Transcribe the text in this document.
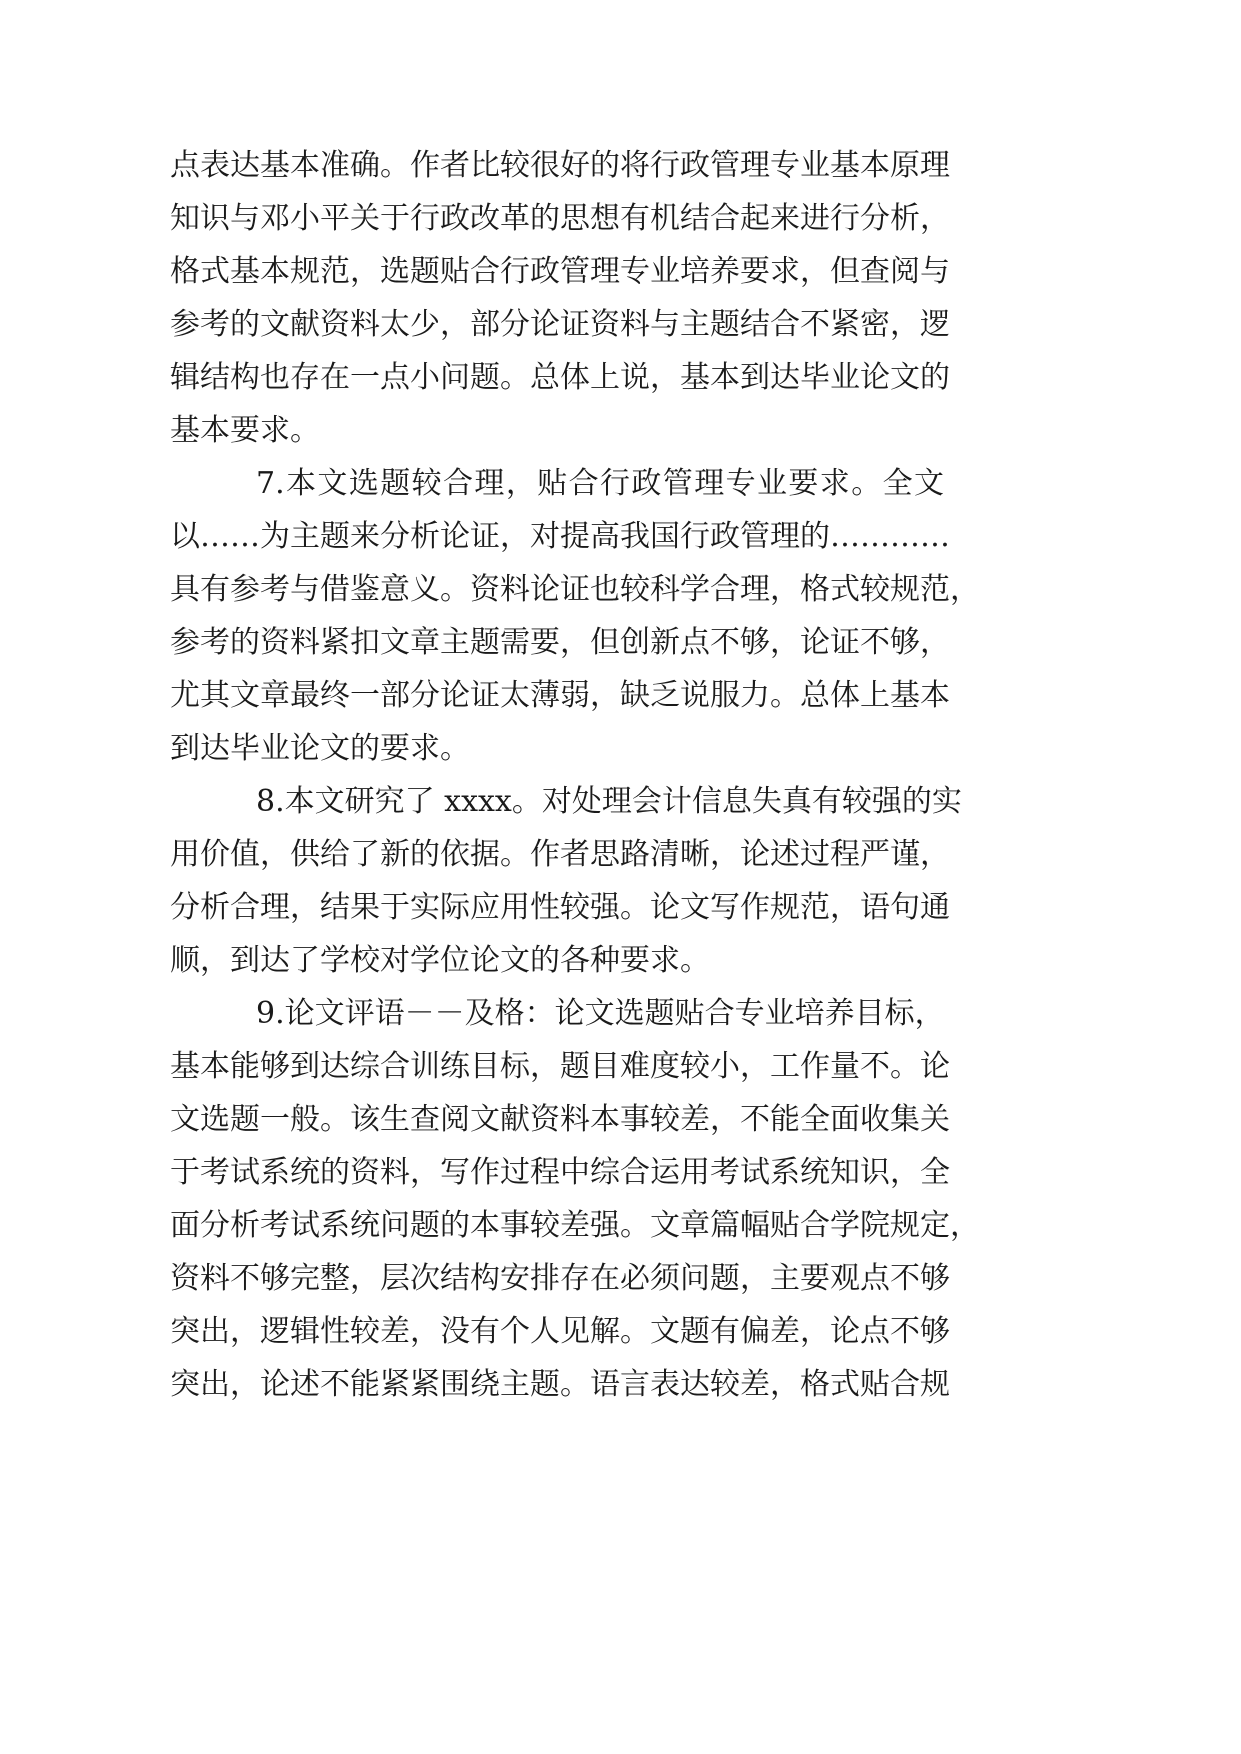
点表达基本准确。作者比较很好的将行政管理专业基本原理
知识与邓小平关于行政改革的思想有机结合起来进行分析，
格式基本规范，选题贴合行政管理专业培养要求，但查阅与
参考的文献资料太少，部分论证资料与主题结合不紧密，逻
辑结构也存在一点小问题。总体上说，基本到达毕业论文的
基本要求。
7.本文选题较合理，贴合行政管理专业要求。全文
以……为主题来分析论证，对提高我国行政管理的…………
具有参考与借鉴意义。资料论证也较科学合理，格式较规范，
参考的资料紧扣文章主题需要，但创新点不够，论证不够，
尤其文章最终一部分论证太薄弱，缺乏说服力。总体上基本
到达毕业论文的要求。
8.本文研究了 xxxx。对处理会计信息失真有较强的实
用价值，供给了新的依据。作者思路清晰，论述过程严谨，
分析合理，结果于实际应用性较强。论文写作规范，语句通
顺，到达了学校对学位论文的各种要求。
9.论文评语－－及格：论文选题贴合专业培养目标，
基本能够到达综合训练目标，题目难度较小，工作量不。论
文选题一般。该生查阅文献资料本事较差，不能全面收集关
于考试系统的资料，写作过程中综合运用考试系统知识，全
面分析考试系统问题的本事较差强。文章篇幅贴合学院规定，
资料不够完整，层次结构安排存在必须问题，主要观点不够
突出，逻辑性较差，没有个人见解。文题有偏差，论点不够
突出，论述不能紧紧围绕主题。语言表达较差，格式贴合规
